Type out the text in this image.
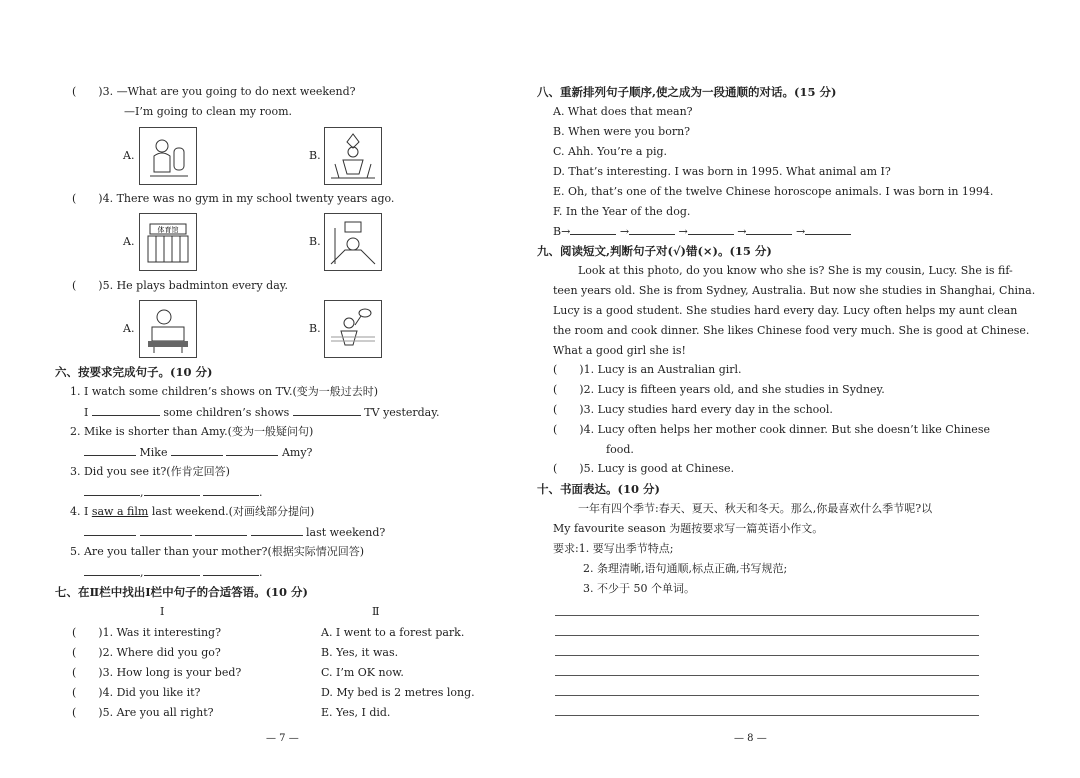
(　　)3. —What are you going to do next weekend?
—I’m going to clean my room.
A.	B.
(　　)4. There was no gym in my school twenty years ago.
A.
体育馆
B.
(　　)5. He plays badminton every day.
A.	B.
六、按要求完成句子。(10 分)
1. I watch some children’s shows on TV.(变为一般过去时)
I	some children’s shows	TV yesterday.
2. Mike is shorter than Amy.(变为一般疑问句)
Mike	Amy?
3. Did you see it?(作肯定回答)
,	.
4. I saw a film last weekend.(对画线部分提问)
last weekend?
5. Are you taller than your mother?(根据实际情况回答)
,	.
七、在Ⅱ栏中找出Ⅰ栏中句子的合适答语。(10 分)
Ⅰ	Ⅱ
(　　)1. Was it interesting?
(　　)2. Where did you go?
(　　)3. How long is your bed?
(　　)4. Did you like it?
(　　)5. Are you all right?
A. I went to a forest park.
B. Yes, it was.
C. I’m OK now.
D. My bed is 2 metres long.
E. Yes, I did.
— 7 —
八、重新排列句子顺序,使之成为一段通顺的对话。(15 分)
A. What does that mean?
B. When were you born?
C. Ahh. You’re a pig.
D. That’s interesting. I was born in 1995. What animal am I?
E. Oh, that’s one of the twelve Chinese horoscope animals. I was born in 1994.
F. In the Year of the dog.
B→	→	→	→	→
九、阅读短文,判断句子对(√)错(×)。(15 分)
Look at this photo, do you know who she is? She is my cousin, Lucy. She is fif-
teen years old. She is from Sydney, Australia. But now she studies in Shanghai, China.
Lucy is a good student. She studies hard every day. Lucy often helps my aunt clean
the room and cook dinner. She likes Chinese food very much. She is good at Chinese.
What a good girl she is!
(　　)1. Lucy is an Australian girl.
(　　)2. Lucy is fifteen years old, and she studies in Sydney.
(　　)3. Lucy studies hard every day in the school.
(　　)4. Lucy often helps her mother cook dinner. But she doesn’t like Chinese
food.
(　　)5. Lucy is good at Chinese.
十、书面表达。(10 分)
一年有四个季节:春天、夏天、秋天和冬天。那么,你最喜欢什么季节呢?以
My favourite season 为题按要求写一篇英语小作文。
要求:1. 要写出季节特点;
2. 条理清晰,语句通顺,标点正确,书写规范;
3. 不少于 50 个单词。
— 8 —
